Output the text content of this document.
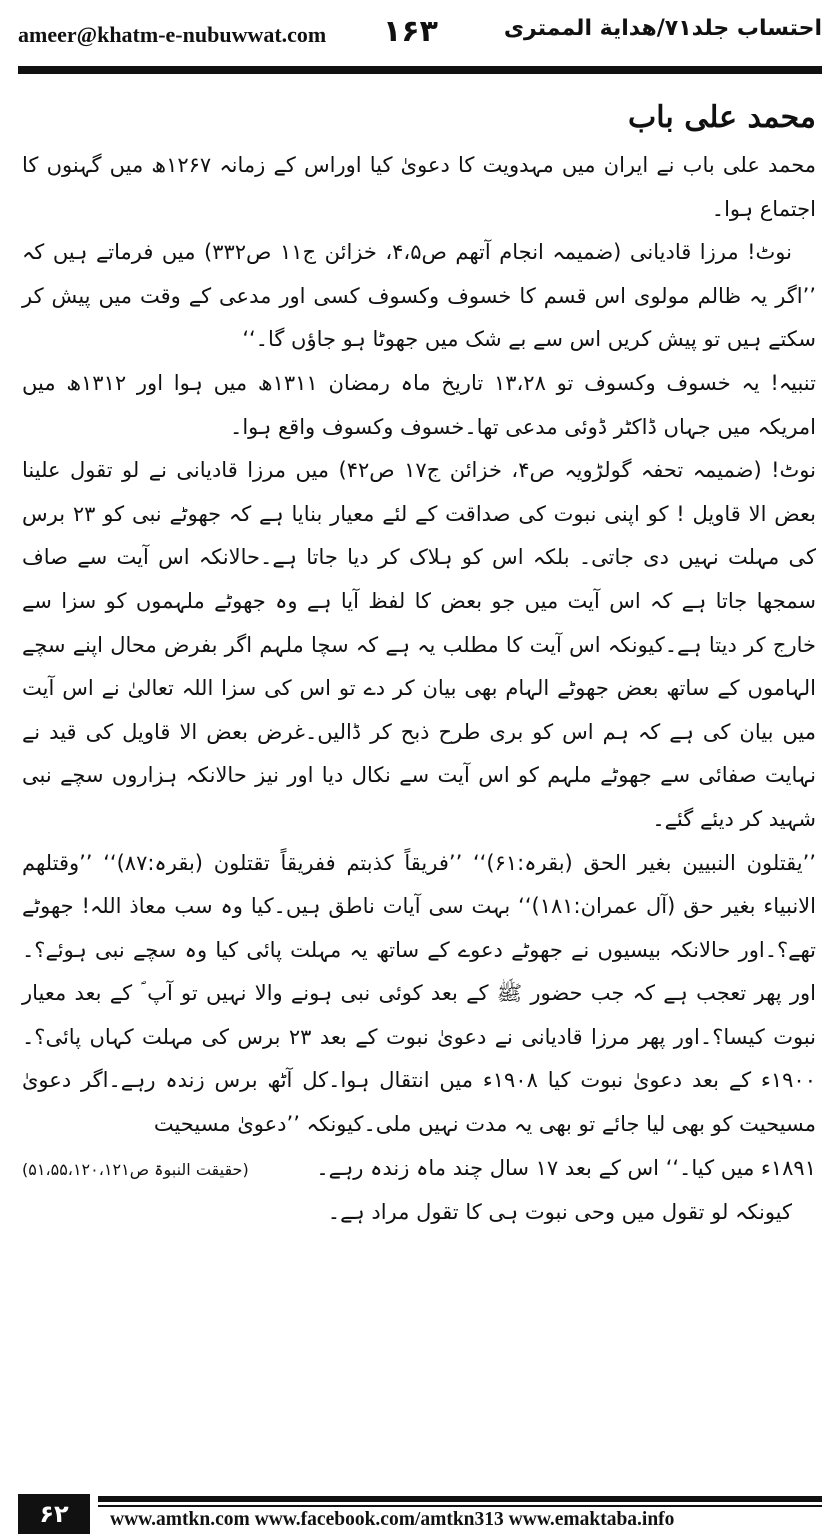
ameer@khatm-e-nubuwwat.com ۱۶۳	احتساب جلد۷۱/ھدایة الممتری

محمد علی باب

محمد علی باب نے ایران میں مہدویت کا دعویٰ کیا اوراس کے زمانہ ۱۲۶۷ھ میں گہنوں کا اجتماع ہوا۔

نوٹ! مرزا قادیانی (ضمیمہ انجام آتھم ص۴،۵، خزائن ج۱۱ ص۳۳۲) میں فرماتے ہیں کہ ’’اگر یہ ظالم مولوی اس قسم کا خسوف وکسوف کسی اور مدعی کے وقت میں پیش کر سکتے ہیں تو پیش کریں اس سے بے شک میں جھوٹا ہو جاؤں گا۔‘‘

تنبیہ! یہ خسوف وکسوف تو ۱۳،۲۸ تاریخ ماہ رمضان ۱۳۱۱ھ میں ہوا اور ۱۳۱۲ھ میں امریکہ میں جہاں ڈاکٹر ڈوئی مدعی تھا۔خسوف وکسوف واقع ہوا۔

نوٹ! (ضمیمہ تحفہ گولڑویہ ص۴، خزائن ج۱۷ ص۴۲) میں مرزا قادیانی نے لو تقول علینا بعض الا قاویل ! کو اپنی نبوت کی صداقت کے لئے معیار بنایا ہے کہ جھوٹے نبی کو ۲۳ برس کی مہلت نہیں دی جاتی۔ بلکہ اس کو ہلاک کر دیا جاتا ہے۔حالانکہ اس آیت سے صاف سمجھا جاتا ہے کہ اس آیت میں جو بعض کا لفظ آیا ہے وہ جھوٹے ملہموں کو سزا سے خارج کر دیتا ہے۔کیونکہ اس آیت کا مطلب یہ ہے کہ سچا ملہم اگر بفرض محال اپنے سچے الہاموں کے ساتھ بعض جھوٹے الہام بھی بیان کر دے تو اس کی سزا اللہ تعالیٰ نے اس آیت میں بیان کی ہے کہ ہم اس کو بری طرح ذبح کر ڈالیں۔غرض بعض الا قاویل کی قید نے نہایت صفائی سے جھوٹے ملہم کو اس آیت سے نکال دیا اور نیز حالانکہ ہزاروں سچے نبی شہید کر دیئے گئے۔

’’یقتلون النبیین بغیر الحق (بقرہ:۶۱)‘‘ ’’فریقاً کذبتم ففریقاً تقتلون (بقرہ:۸۷)‘‘ ’’وقتلھم الانبیاء بغیر حق (آل عمران:۱۸۱)‘‘ بہت سی آیات ناطق ہیں۔کیا وہ سب معاذ اللہ! جھوٹے تھے؟۔اور حالانکہ بیسیوں نے جھوٹے دعوے کے ساتھ یہ مہلت پائی کیا وہ سچے نبی ہوئے؟۔اور پھر تعجب ہے کہ جب حضور ﷺ کے بعد کوئی نبی ہونے والا نہیں تو آپ ؐ کے بعد معیار نبوت کیسا؟۔اور پھر مرزا قادیانی نے دعویٰ نبوت کے بعد ۲۳ برس کی مہلت کہاں پائی؟۔۱۹۰۰ء کے بعد دعویٰ نبوت کیا ۱۹۰۸ء میں انتقال ہوا۔کل آٹھ برس زندہ رہے۔اگر دعویٰ مسیحیت کو بھی لیا جائے تو بھی یہ مدت نہیں ملی۔کیونکہ ’’دعویٰ مسیحیت

۱۸۹۱ء میں کیا۔‘‘ اس کے بعد ۱۷ سال چند ماہ زندہ رہے۔
(حقیقت النبوۃ ص۵۱،۵۵،۱۲۰،۱۲۱)

کیونکہ لو تقول میں وحی نبوت ہی کا تقول مراد ہے۔

۶۲	www.amtkn.com www.facebook.com/amtkn313 www.emaktaba.info
